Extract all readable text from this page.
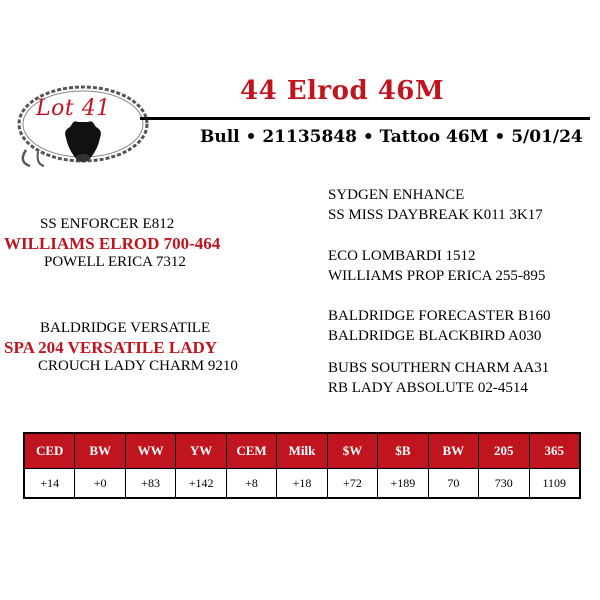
Lot 41
44 Elrod 46M
Bull • 21135848 • Tattoo 46M • 5/01/24
SS ENFORCER E812
WILLIAMS ELROD 700-464
POWELL ERICA 7312
BALDRIDGE VERSATILE
SPA 204 VERSATILE LADY
CROUCH LADY CHARM 9210
SYDGEN ENHANCE
SS MISS DAYBREAK K011 3K17
ECO LOMBARDI 1512
WILLIAMS PROP ERICA 255-895
BALDRIDGE FORECASTER B160
BALDRIDGE BLACKBIRD A030
BUBS SOUTHERN CHARM AA31
RB LADY ABSOLUTE 02-4514
CED	BW	WW	YW	CEM	Milk	$W	$B	BW	205	365
+14	+0	+83	+142	+8	+18	+72	+189	70	730	1109
